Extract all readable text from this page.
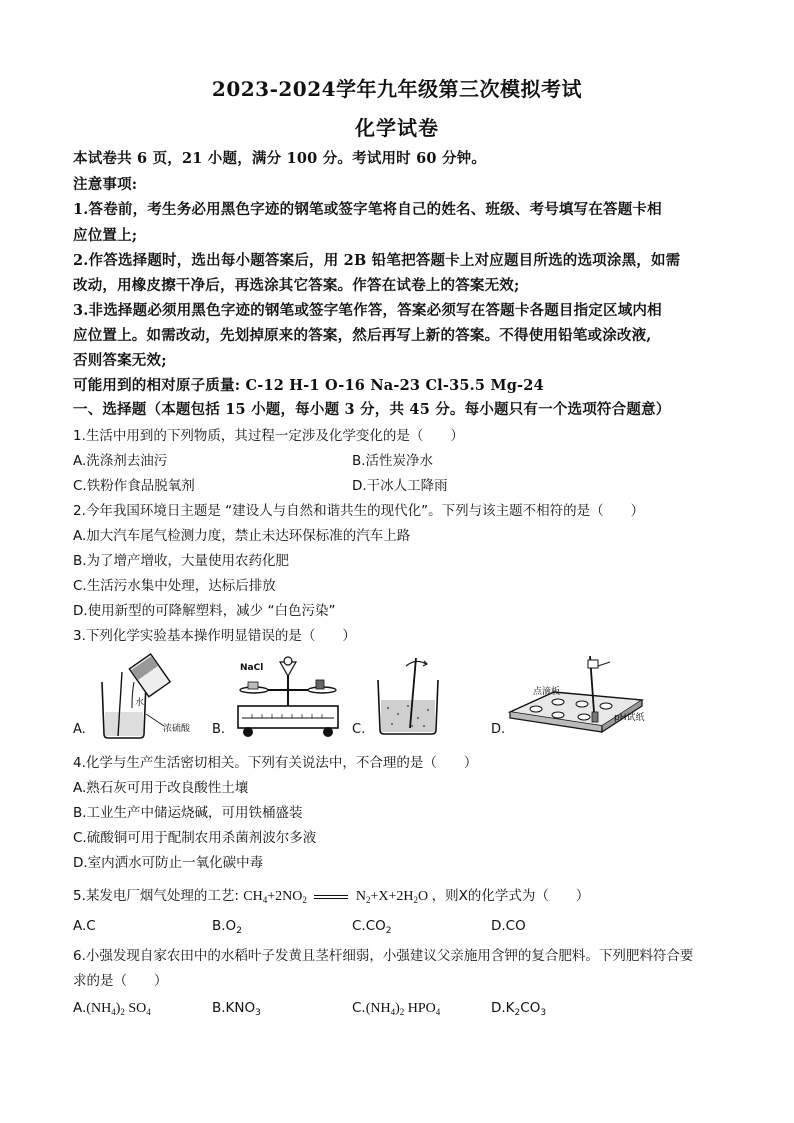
2023-2024学年九年级第三次模拟考试
化学试卷
本试卷共 6 页，21 小题，满分 100 分。考试用时 60 分钟。
注意事项:
1.答卷前，考生务必用黑色字迹的钢笔或签字笔将自己的姓名、班级、考号填写在答题卡相
应位置上;
2.作答选择题时，选出每小题答案后，用 2B 铅笔把答题卡上对应题目所选的选项涂黑，如需
改动，用橡皮擦干净后，再选涂其它答案。作答在试卷上的答案无效;
3.非选择题必须用黑色字迹的钢笔或签字笔作答，答案必须写在答题卡各题目指定区域内相
应位置上。如需改动，先划掉原来的答案，然后再写上新的答案。不得使用铅笔或涂改液,
否则答案无效;
可能用到的相对原子质量: C-12 H-1 O-16 Na-23 Cl-35.5 Mg-24
一、选择题（本题包括 15 小题，每小题 3 分，共 45 分。每小题只有一个选项符合题意）
1.生活中用到的下列物质，其过程一定涉及化学变化的是（　　）
A.洗涤剂去油污	B.活性炭净水
C.铁粉作食品脱氧剂	D.干冰人工降雨
2.今年我国环境日主题是 “建设人与自然和谐共生的现代化”。下列与该主题不相符的是（　　）
A.加大汽车尾气检测力度，禁止未达环保标准的汽车上路
B.为了增产增收，大量使用农药化肥
C.生活污水集中处理，达标后排放
D.使用新型的可降解塑料，减少 “白色污染”
3.下列化学实验基本操作明显错误的是（　　）
A.
水
浓硫酸 B.
NaCl
C.	D.
点滴板
pH试纸
4.化学与生产生活密切相关。下列有关说法中，不合理的是（　　）
A.熟石灰可用于改良酸性土壤
B.工业生产中储运烧碱，可用铁桶盛装
C.硫酸铜可用于配制农用杀菌剂波尔多液
D.室内洒水可防止一氧化碳中毒
5.某发电厂烟气处理的工艺: $CH_4+2NO_2$	$N_2+X+2H_2O$ ，则X的化学式为（　　）
A.C	$B.O_2$	$C.CO_2$	D.CO
6.小强发现自家农田中的水稻叶子发黄且茎杆细弱，小强建议父亲施用含钾的复合肥料。下列肥料符合要
求的是（　　）
$A.(NH_4)_2$ $SO_4$	$B.KNO_3$	$C.(NH_4)_2$ $HPO_4$	$D.K_2CO_3$
